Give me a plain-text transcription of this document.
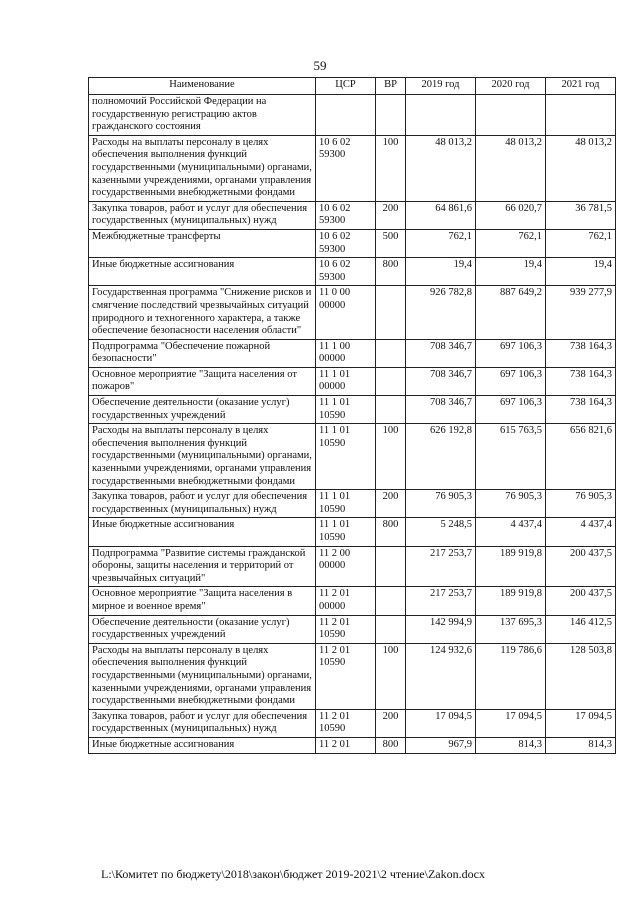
59
Наименование	ЦСР	ВР	2019 год	2020 год	2021 год
полномочий Российской Федерации на государственную регистрацию актов гражданского состояния					
Расходы на выплаты персоналу в целях обеспечения выполнения функций государственными (муниципальными) органами, казенными учреждениями, органами управления государственными внебюджетными фондами	10 6 02 59300	100	48 013,2	48 013,2	48 013,2
Закупка товаров, работ и услуг для обеспечения государственных (муниципальных) нужд	10 6 02 59300	200	64 861,6	66 020,7	36 781,5
Межбюджетные трансферты	10 6 02 59300	500	762,1	762,1	762,1
Иные бюджетные ассигнования	10 6 02 59300	800	19,4	19,4	19,4
Государственная программа "Снижение рисков и смягчение последствий чрезвычайных ситуаций природного и техногенного характера, а также обеспечение безопасности населения области"	11 0 00 00000		926 782,8	887 649,2	939 277,9
Подпрограмма "Обеспечение пожарной безопасности"	11 1 00 00000		708 346,7	697 106,3	738 164,3
Основное мероприятие "Защита населения от пожаров"	11 1 01 00000		708 346,7	697 106,3	738 164,3
Обеспечение деятельности (оказание услуг) государственных учреждений	11 1 01 10590		708 346,7	697 106,3	738 164,3
Расходы на выплаты персоналу в целях обеспечения выполнения функций государственными (муниципальными) органами, казенными учреждениями, органами управления государственными внебюджетными фондами	11 1 01 10590	100	626 192,8	615 763,5	656 821,6
Закупка товаров, работ и услуг для обеспечения государственных (муниципальных) нужд	11 1 01 10590	200	76 905,3	76 905,3	76 905,3
Иные бюджетные ассигнования	11 1 01 10590	800	5 248,5	4 437,4	4 437,4
Подпрограмма "Развитие системы гражданской обороны, защиты населения и территорий от чрезвычайных ситуаций"	11 2 00 00000		217 253,7	189 919,8	200 437,5
Основное мероприятие "Защита населения в мирное и военное время"	11 2 01 00000		217 253,7	189 919,8	200 437,5
Обеспечение деятельности (оказание услуг) государственных учреждений	11 2 01 10590		142 994,9	137 695,3	146 412,5
Расходы на выплаты персоналу в целях обеспечения выполнения функций государственными (муниципальными) органами, казенными учреждениями, органами управления государственными внебюджетными фондами	11 2 01 10590	100	124 932,6	119 786,6	128 503,8
Закупка товаров, работ и услуг для обеспечения государственных (муниципальных) нужд	11 2 01 10590	200	17 094,5	17 094,5	17 094,5
Иные бюджетные ассигнования	11 2 01	800	967,9	814,3	814,3
L:\Комитет по бюджету\2018\закон\бюджет 2019-2021\2 чтение\Zakon.docx
